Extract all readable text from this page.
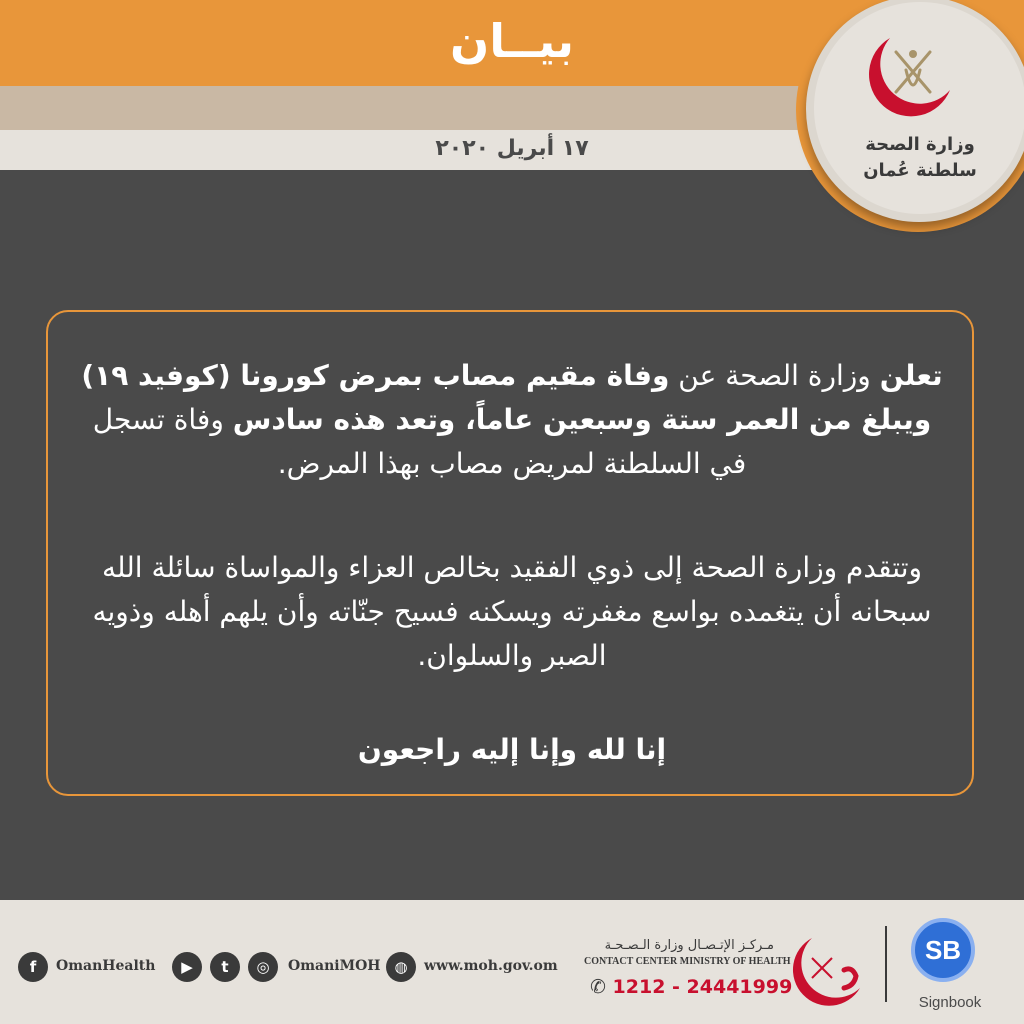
بيــان
١٧ أبريل ٢٠٢٠	وزارة الصحة
سلطنة عُمان
تعلن وزارة الصحة عن وفاة مقيم مصاب بمرض كورونا (كوفيد ١٩) ويبلغ من العمر ستة وسبعين عاماً، وتعد هذه سادس وفاة تسجل في السلطنة لمريض مصاب بهذا المرض.
وتتقدم وزارة الصحة إلى ذوي الفقيد بخالص العزاء والمواساة سائلة الله سبحانه أن يتغمده بواسع مغفرته ويسكنه فسيح جنّاته وأن يلهم أهله وذويه الصبر والسلوان.
إنا لله وإنا إليه راجعون
f	OmanHealth	▶	t	◎	OmaniMOH ◍	www.moh.gov.om
مـركـز الإتـصـال وزارة الـصـحـة
CONTACT CENTER MINISTRY OF HEALTH
✆ 1212 - 24441999
SB
Signbook
